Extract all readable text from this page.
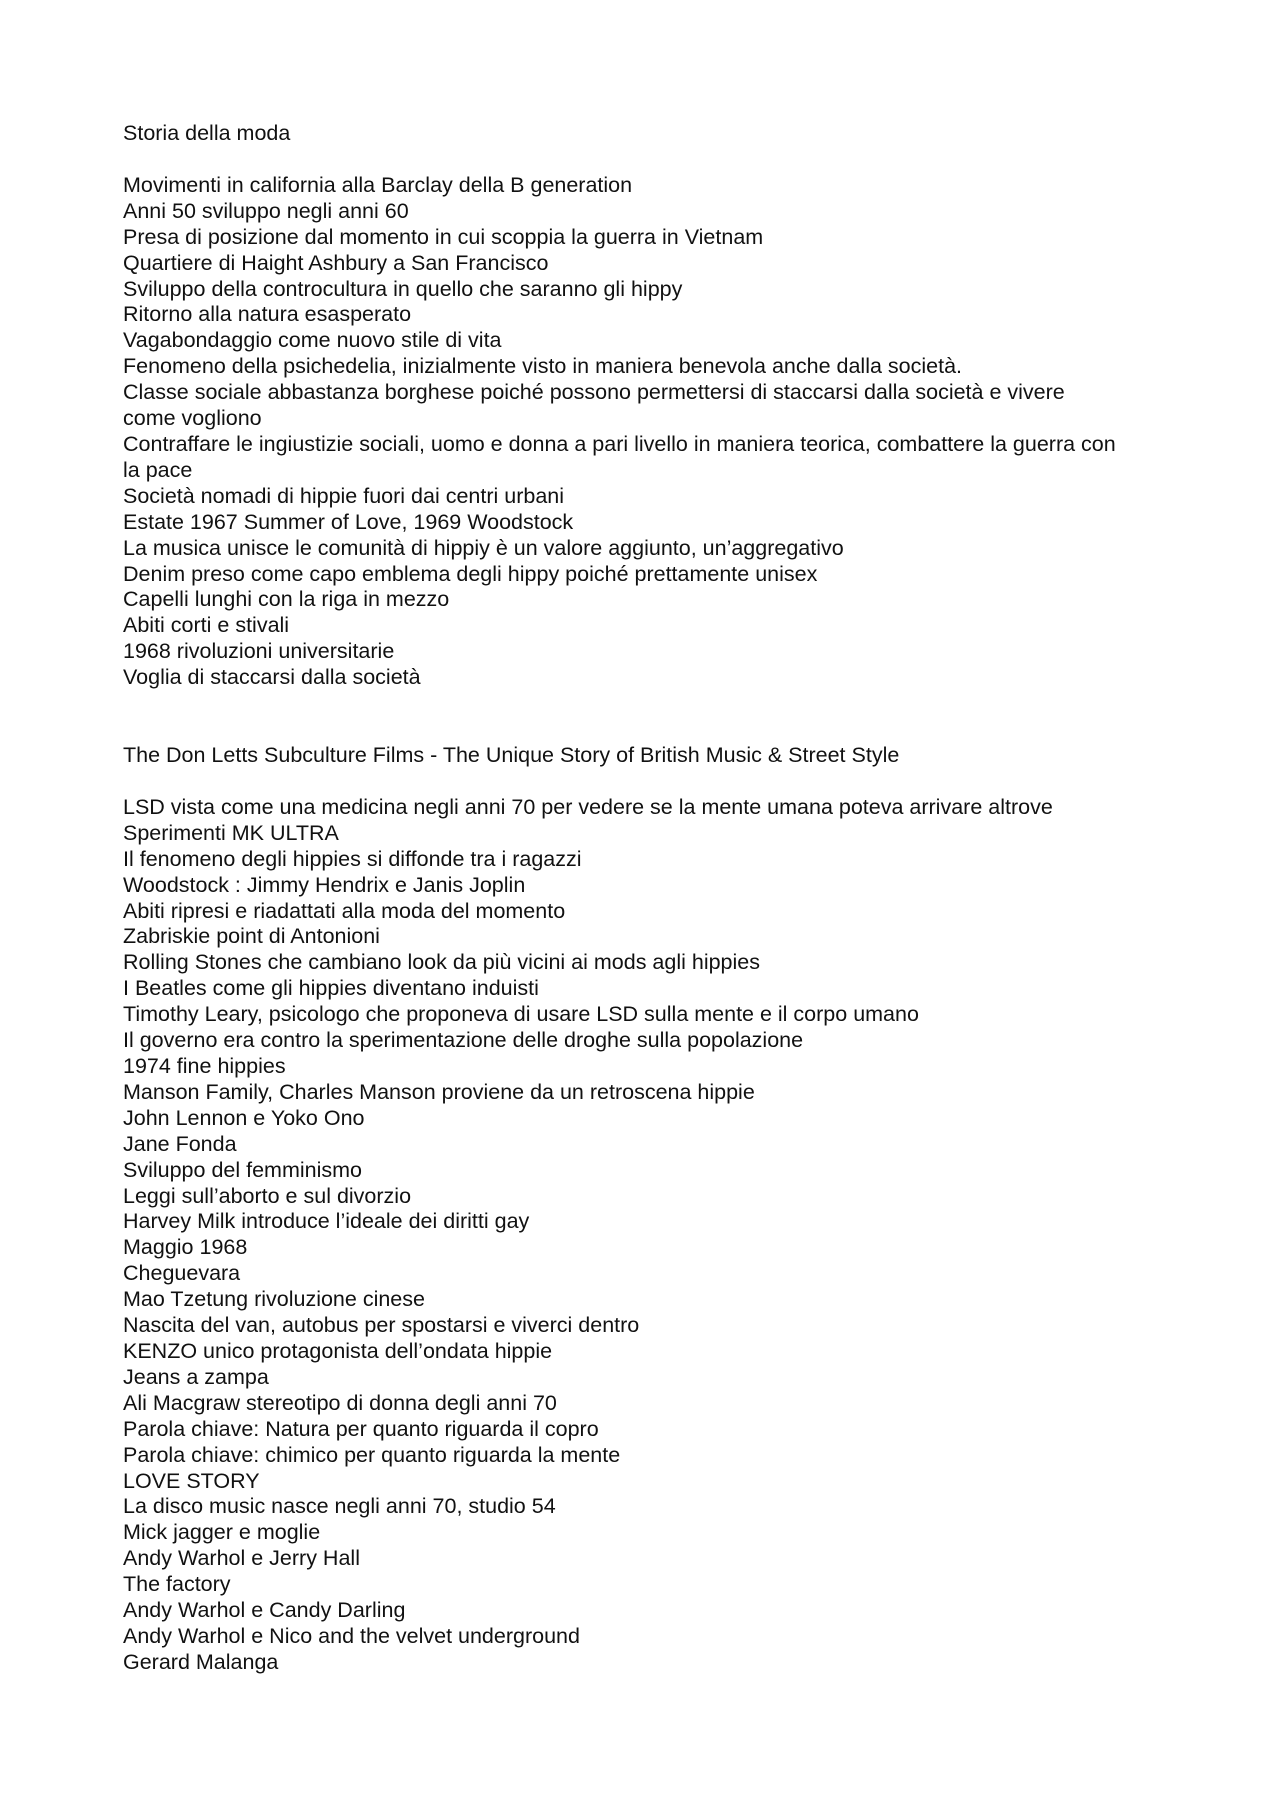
Storia della moda

Movimenti in california alla Barclay della B generation

Anni 50 sviluppo negli anni 60

Presa di posizione dal momento in cui scoppia la guerra in Vietnam

Quartiere di Haight Ashbury a San Francisco

Sviluppo della controcultura in quello che saranno gli hippy

Ritorno alla natura esasperato

Vagabondaggio come nuovo stile di vita

Fenomeno della psichedelia, inizialmente visto in maniera benevola anche dalla società.

Classe sociale abbastanza borghese poiché possono permettersi di staccarsi dalla società e vivere come vogliono

Contraffare le ingiustizie sociali, uomo e donna a pari livello in maniera teorica, combattere la guerra con la pace

Società nomadi di hippie fuori dai centri urbani

Estate 1967 Summer of Love, 1969 Woodstock

La musica unisce le comunità di hippiy è un valore aggiunto, un’aggregativo

Denim preso come capo emblema degli hippy poiché prettamente unisex

Capelli lunghi con la riga in mezzo

Abiti corti e stivali

1968 rivoluzioni universitarie

Voglia di staccarsi dalla società

The Don Letts Subculture Films - The Unique Story of British Music & Street Style

LSD vista come una medicina negli anni 70 per vedere se la mente umana poteva arrivare altrove

Sperimenti MK ULTRA

Il fenomeno degli hippies si diffonde tra i ragazzi

Woodstock : Jimmy Hendrix e Janis Joplin

Abiti ripresi e riadattati alla moda del momento

Zabriskie point di Antonioni

Rolling Stones che cambiano look da più vicini ai mods agli hippies

I Beatles come gli hippies diventano induisti

Timothy Leary, psicologo che proponeva di usare LSD sulla mente e il corpo umano

Il governo era contro la sperimentazione delle droghe sulla popolazione

1974 fine hippies

Manson Family, Charles Manson proviene da un retroscena hippie

John Lennon e Yoko Ono

Jane Fonda

Sviluppo del femminismo

Leggi sull’aborto e sul divorzio

Harvey Milk introduce l’ideale dei diritti gay

Maggio 1968

Cheguevara

Mao Tzetung rivoluzione cinese

Nascita del van, autobus per spostarsi e viverci dentro

KENZO unico protagonista dell’ondata hippie

Jeans a zampa

Ali Macgraw stereotipo di donna degli anni 70

Parola chiave: Natura per quanto riguarda il copro

Parola chiave: chimico per quanto riguarda la mente

LOVE STORY

La disco music nasce negli anni 70, studio 54

Mick jagger e moglie

Andy Warhol e Jerry Hall

The factory

Andy Warhol e Candy Darling

Andy Warhol e Nico and the velvet underground

Gerard Malanga
